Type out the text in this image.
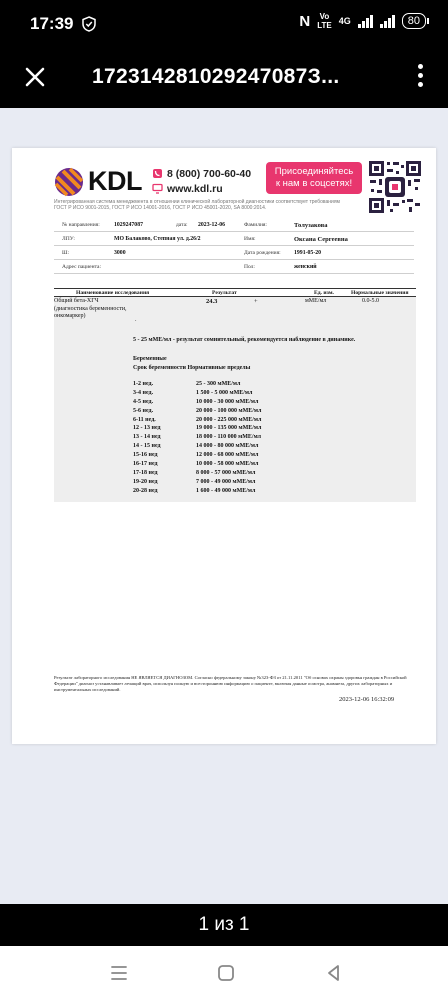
17:39	N	Vo
LTE 4G	80
172314281029247087З...
KDL 8 (800) 700-60-40
www.kdl.ru
Присоединяйтесь
к нам в соцсетях!
Интегрированная система менеджмента в отношении клинической лабораторной диагностики соответствует требованиям ГОСТ Р ИСО 9001-2015, ГОСТ Р ИСО 14001-2016, ГОСТ Р ИСО 45001-2020, SA 8000:2014.
№ направления: 1029247087	дата: 2023-12-06	Фамилия:	Толузакова
ЛПУ:	МО Балаково, Степная ул. д.26/2	Имя:	Оксана Сергеевна
Ш:	3000	Дата рождения: 1991-05-20
Адрес пациента:	Пол:	женский
Наименование исследования	Результат	Ед. изм.	Нормальные значения
Общий бета-ХГЧ (диагностика беременности, онкомаркер)
24.3	+	мМЕ/мл	0.0-5.0
.
5 - 25 мМЕ/мл - результат сомнительный, рекомендуется наблюдение в динамике.
Беременные
Срок беременности Нормативные пределы
1-2 нед.	25 - 300 мМЕ/мл
3-4 нед.	1 500 - 5 000 мМЕ/мл
4-5 нед.	10 000 - 30 000 мМЕ/мл
5-6 нед.	20 000 - 100 000 мМЕ/мл
6-11 нед.	20 000 - 225 000 мМЕ/мл
12 - 13 нед	19 000 - 135 000 мМЕ/мл
13 - 14 нед	18 000 - 110 000 мМЕ/мл
14 - 15 нед	14 000 - 80 000 мМЕ/мл
15-16 нед	12 000 - 68 000 мМЕ/мл
16-17 нед	10 000 - 58 000 мМЕ/мл
17-18 нед	8 000 - 57 000 мМЕ/мл
19-20 нед	7 000 - 49 000 мМЕ/мл
20-28 нед	1 600 - 49 000 мМЕ/мл
Результат лабораторного исследования НЕ ЯВЛЯЕТСЯ ДИАГНОЗОМ. Согласно федеральному закону №323-ФЗ от 21.11.2011 "Об основах охраны здоровья граждан в Российской Федерации" диагноз устанавливает лечащий врач, используя полную и всестороннюю информацию о пациенте, включая данные осмотра, анамнеза, других лабораторных и инструментальных исследований.
2023-12-06 16:32:09
1 из 1
